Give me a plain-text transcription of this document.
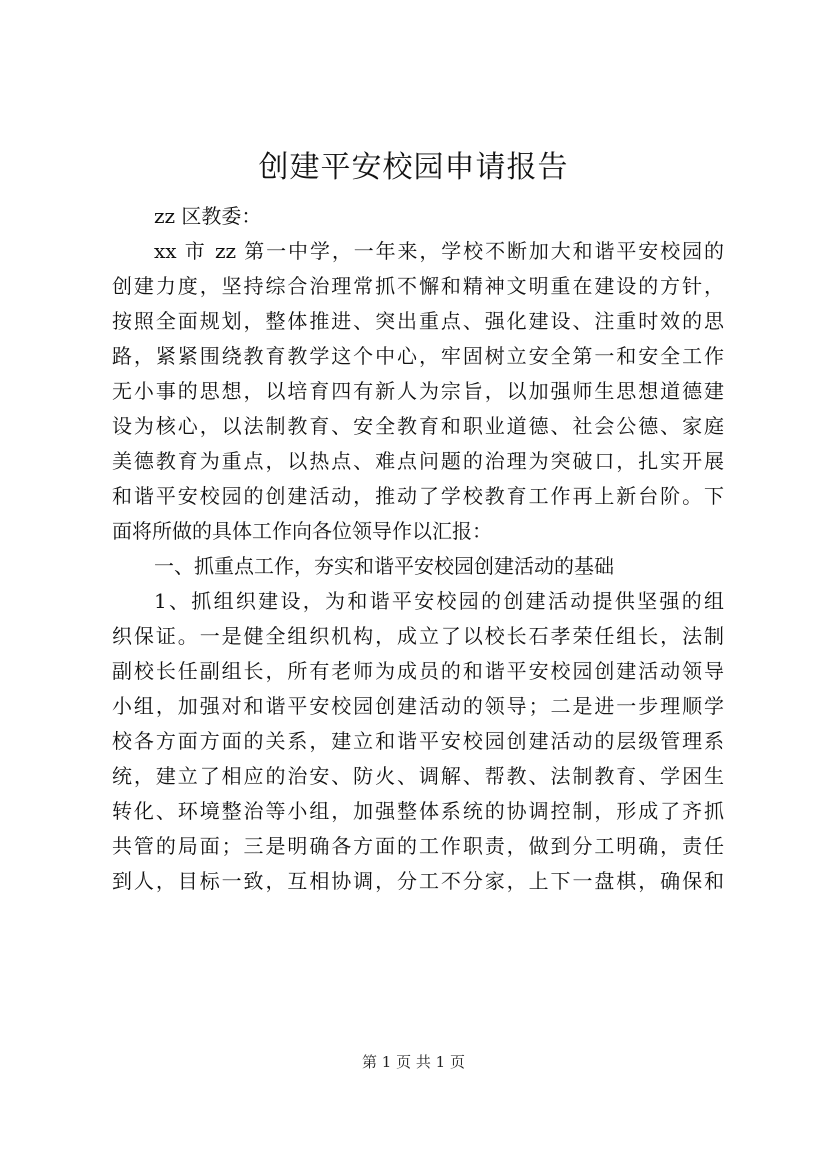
创建平安校园申请报告
zz 区教委：
xx 市 zz 第一中学，一年来，学校不断加大和谐平安校园的
创建力度，坚持综合治理常抓不懈和精神文明重在建设的方针，
按照全面规划，整体推进、突出重点、强化建设、注重时效的思
路，紧紧围绕教育教学这个中心，牢固树立安全第一和安全工作
无小事的思想，以培育四有新人为宗旨，以加强师生思想道德建
设为核心，以法制教育、安全教育和职业道德、社会公德、家庭
美德教育为重点，以热点、难点问题的治理为突破口，扎实开展
和谐平安校园的创建活动，推动了学校教育工作再上新台阶。下
面将所做的具体工作向各位领导作以汇报：
一、抓重点工作，夯实和谐平安校园创建活动的基础
1、抓组织建设，为和谐平安校园的创建活动提供坚强的组
织保证。一是健全组织机构，成立了以校长石孝荣任组长，法制
副校长任副组长，所有老师为成员的和谐平安校园创建活动领导
小组，加强对和谐平安校园创建活动的领导；二是进一步理顺学
校各方面方面的关系，建立和谐平安校园创建活动的层级管理系
统，建立了相应的治安、防火、调解、帮教、法制教育、学困生
转化、环境整治等小组，加强整体系统的协调控制，形成了齐抓
共管的局面；三是明确各方面的工作职责，做到分工明确，责任
到人，目标一致，互相协调，分工不分家，上下一盘棋，确保和
第 1 页 共 1 页
